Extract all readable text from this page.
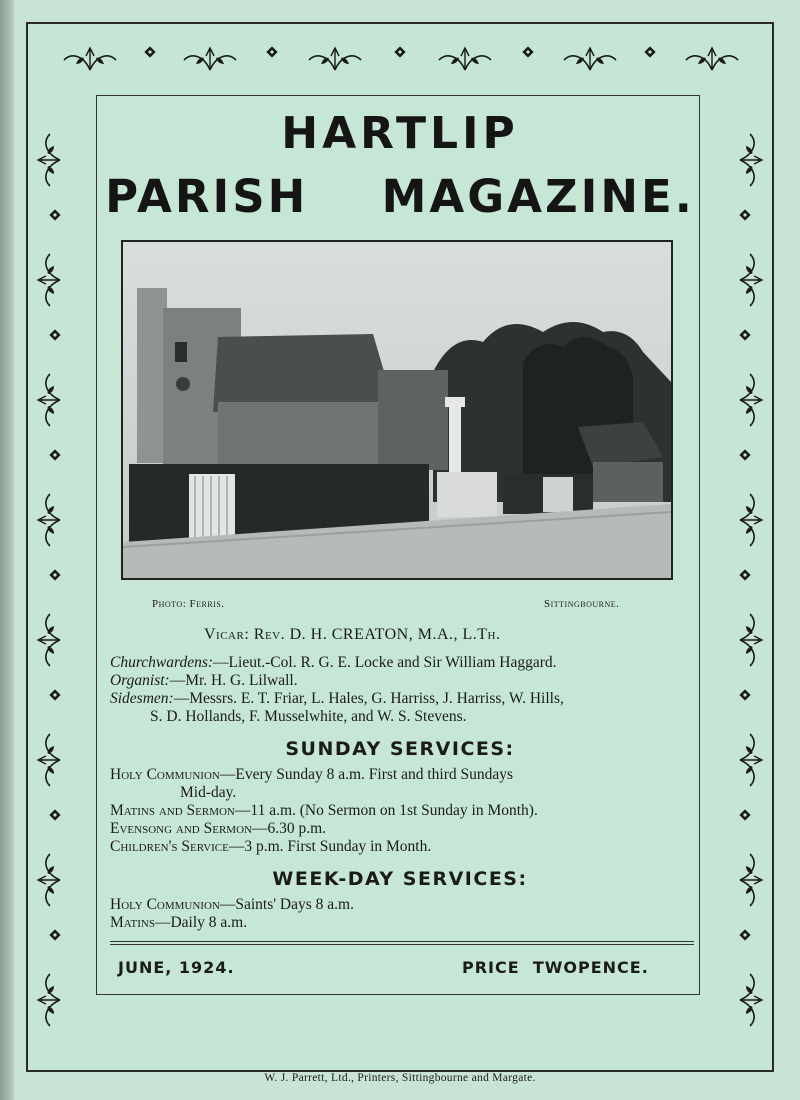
HARTLIP
PARISH  MAGAZINE.
Photo: Ferris.	Sittingbourne.
Vicar: Rev. D. H. CREATON, M.A., L.Th.
Churchwardens:—Lieut.-Col. R. G. E. Locke and Sir William Haggard.
Organist:—Mr. H. G. Lilwall.
Sidesmen:—Messrs. E. T. Friar, L. Hales, G. Harriss, J. Harriss, W. Hills,
S. D. Hollands, F. Musselwhite, and W. S. Stevens.
SUNDAY SERVICES:
Holy Communion—Every Sunday 8 a.m. First and third Sundays
Mid-day.
Matins and Sermon—11 a.m. (No Sermon on 1st Sunday in Month).
Evensong and Sermon—6.30 p.m.
Children's Service—3 p.m. First Sunday in Month.
WEEK-DAY SERVICES:
Holy Communion—Saints' Days 8 a.m.
Matins—Daily 8 a.m.
JUNE, 1924.	PRICE  TWOPENCE.
W. J. Parrett, Ltd., Printers, Sittingbourne and Margate.
